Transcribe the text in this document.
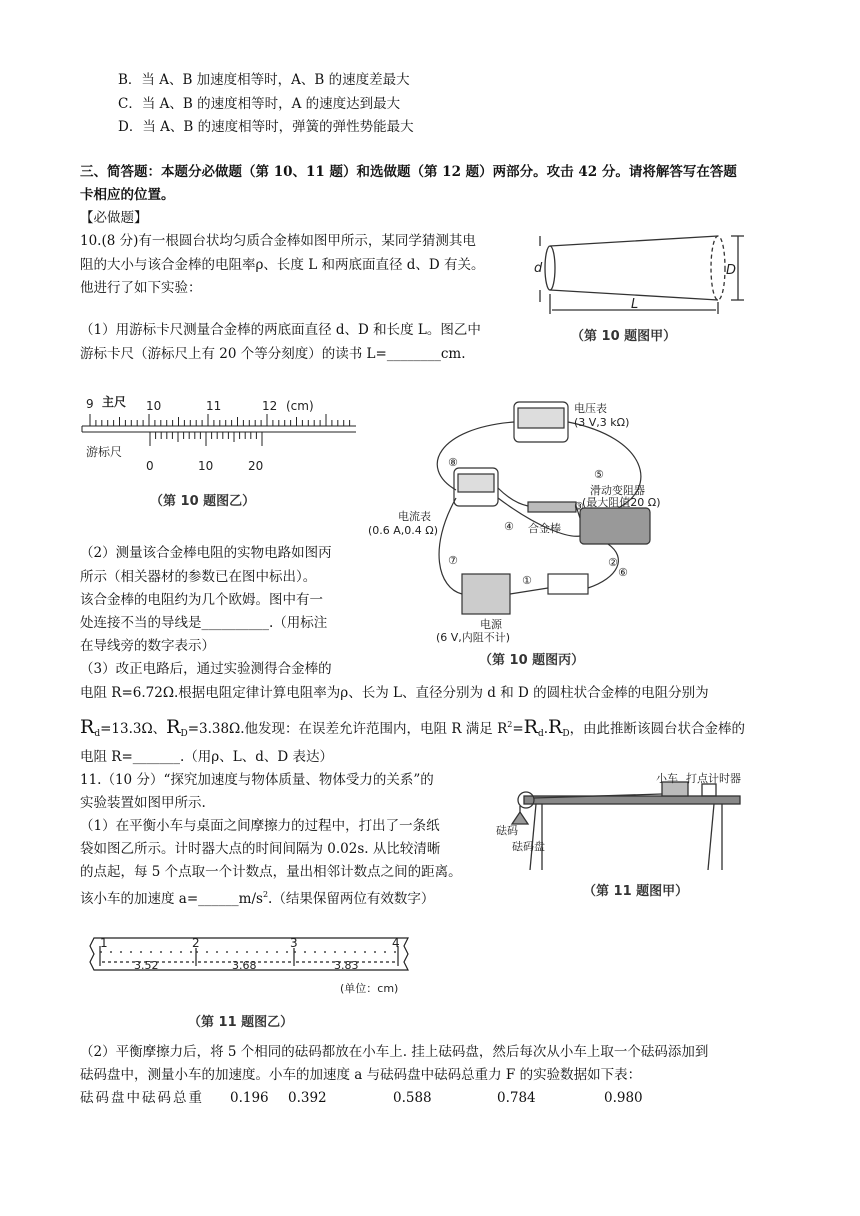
B．当 A、B 加速度相等时，A、B 的速度差最大
C．当 A、B 的速度相等时，A 的速度达到最大
D．当 A、B 的速度相等时，弹簧的弹性势能最大
三、简答题：本题分必做题（第 10、11 题）和选做题（第 12 题）两部分。攻击 42 分。请将解答写在答题
卡相应的位置。
【必做题】
10.(8 分)有一根圆台状均匀质合金棒如图甲所示，某同学猜测其电
阻的大小与该合金棒的电阻率ρ、长度 L 和两底面直径 d、D 有关。
他进行了如下实验：
（1）用游标卡尺测量合金棒的两底面直径 d、D 和长度 L。图乙中
游标卡尺（游标尺上有 20 个等分刻度）的读书 L=________cm.
d	D
L
（第 10 题图甲）
9 主尺 10	11	12 (cm)
游标尺
0	10	20
（第 10 题图乙）
⑧
⑤
③
④
⑦
①
②
⑥
电压表
(3 V,3 kΩ)
电流表
(0.6 A,0.4 Ω)	合金棒
滑动变阻器
(最大阻值20 Ω)
电源
(6 V,内阻不计)
（第 10 题图丙）
（2）测量该合金棒电阻的实物电路如图丙
所示（相关器材的参数已在图中标出）。
该合金棒的电阻约为几个欧姆。图中有一
处连接不当的导线是__________.（用标注
在导线旁的数字表示）
（3）改正电路后，通过实验测得合金棒的
电阻 R=6.72Ω.根据电阻定律计算电阻率为ρ、长为 L、直径分别为 d 和 D 的圆柱状合金棒的电阻分别为
$R_d=13.3\Omega$、$R_D=3.38\Omega$.他发现：在误差允许范围内，电阻 R 满足 $R^2=R_d.R_D$，由此推断该圆台状合金棒的
电阻 R=_______.（用ρ、L、d、D 表达）
11.（10 分）“探究加速度与物体质量、物体受力的关系”的
实验装置如图甲所示.
（1）在平衡小车与桌面之间摩擦力的过程中，打出了一条纸
袋如图乙所示。计时器大点的时间间隔为 0.02s. 从比较清晰
的点起，每 5 个点取一个计数点，量出相邻计数点之间的距离。
该小车的加速度 $a=\_\_\_\_\_\_m/s^2$.（结果保留两位有效数字）
小车 打点计时器
砝码
砝码盘
（第 11 题图甲）
1	2	3	4
3.52	3.68	3.83
(单位：cm)
（第 11 题图乙）
（2）平衡摩擦力后，将 5 个相同的砝码都放在小车上. 挂上砝码盘，然后每次从小车上取一个砝码添加到
砝码盘中，测量小车的加速度。小车的加速度 a 与砝码盘中砝码总重力 F 的实验数据如下表：
砝码盘中砝码总重 0.196 0.392	0.588	0.784	0.980
